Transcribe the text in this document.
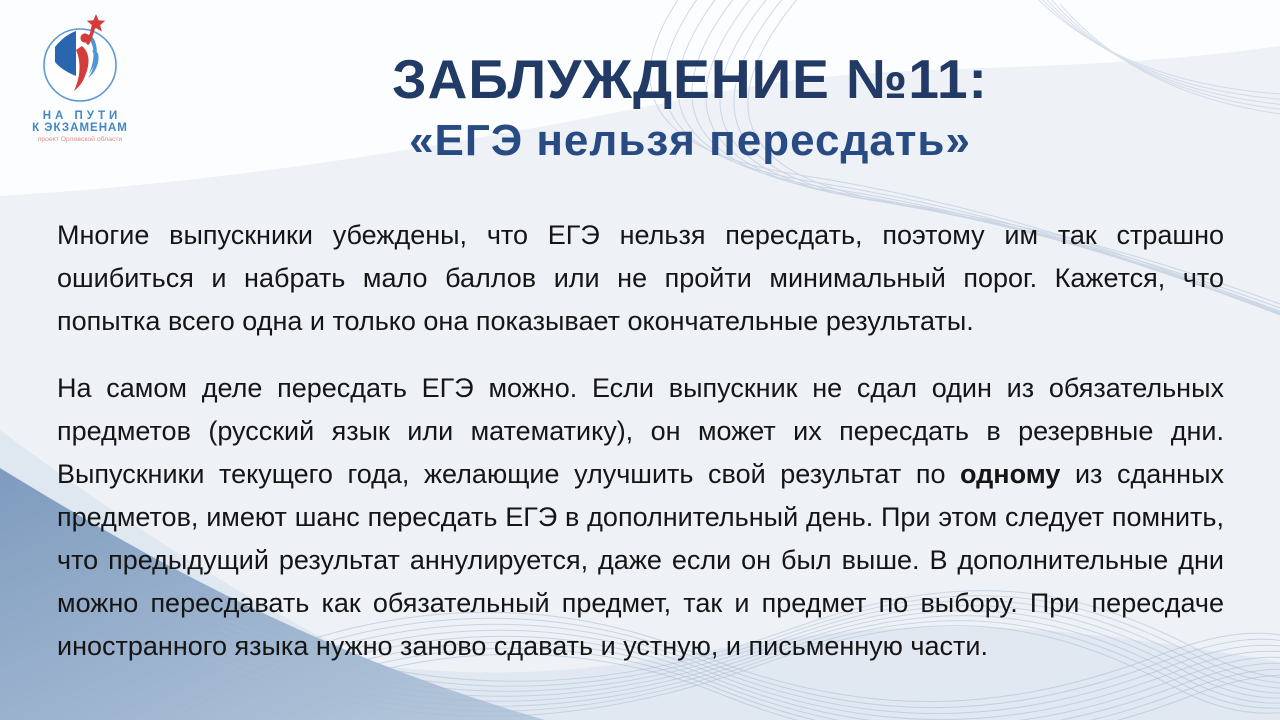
НА ПУТИ
К ЭКЗАМЕНАМ
проект Орловской области
ЗАБЛУЖДЕНИЕ №11:
«ЕГЭ нельзя пересдать»

Многие выпускники убеждены, что ЕГЭ нельзя пересдать, поэтому им так страшно ошибиться и набрать мало баллов или не пройти минимальный порог. Кажется, что попытка всего одна и только она показывает окончательные результаты.

На самом деле пересдать ЕГЭ можно. Если выпускник не сдал один из обязательных предметов (русский язык или математику), он может их пересдать в резервные дни. Выпускники текущего года, желающие улучшить свой результат по одному из сданных предметов, имеют шанс пересдать ЕГЭ в дополнительный день. При этом следует помнить, что предыдущий результат аннулируется, даже если он был выше. В дополнительные дни можно пересдавать как обязательный предмет, так и предмет по выбору. При пересдаче иностранного языка нужно заново сдавать и устную, и письменную части.
